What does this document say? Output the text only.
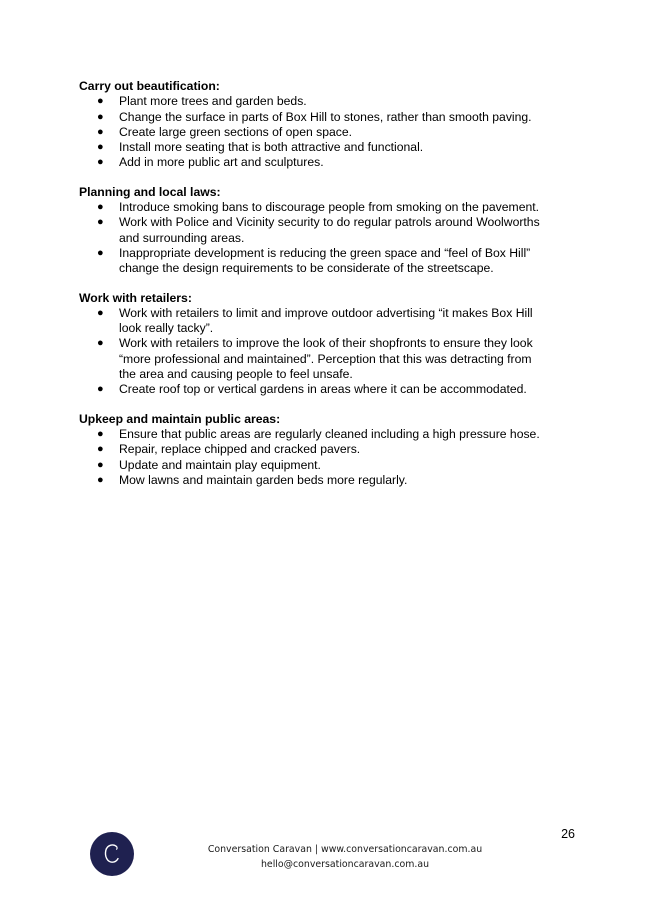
Carry out beautification:

● Plant more trees and garden beds.
● Change the surface in parts of Box Hill to stones, rather than smooth paving.
● Create large green sections of open space.
● Install more seating that is both attractive and functional.
● Add in more public art and sculptures.

Planning and local laws:

● Introduce smoking bans to discourage people from smoking on the pavement.
● Work with Police and Vicinity security to do regular patrols around Woolworths
and surrounding areas.
● Inappropriate development is reducing the green space and “feel of Box Hill”
change the design requirements to be considerate of the streetscape.

Work with retailers:

● Work with retailers to limit and improve outdoor advertising “it makes Box Hill
look really tacky”.
● Work with retailers to improve the look of their shopfronts to ensure they look
“more professional and maintained”. Perception that this was detracting from
the area and causing people to feel unsafe.
● Create roof top or vertical gardens in areas where it can be accommodated.

Upkeep and maintain public areas:

● Ensure that public areas are regularly cleaned including a high pressure hose.
● Repair, replace chipped and cracked pavers.
● Update and maintain play equipment.
● Mow lawns and maintain garden beds more regularly.
26
Conversation Caravan | www.conversationcaravan.com.au
hello@conversationcaravan.com.au
